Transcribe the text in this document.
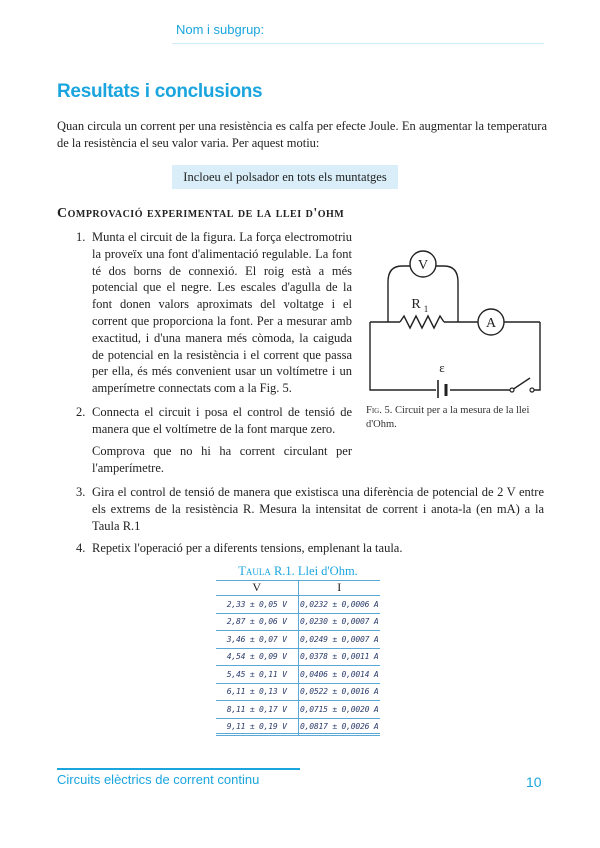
Nom i subgrup:
Resultats i conclusions
Quan circula un corrent per una resistència es calfa per efecte Joule. En augmentar la temperatura de la resistència el seu valor varia. Per aquest motiu:
Incloeu el polsador en tots els muntatges
Comprovació experimental de la llei d'ohm
1. Munta el circuit de la figura. La força electromotriu la proveïx una font d'alimentació regulable. La font té dos borns de connexió. El roig està a més potencial que el negre. Les escales d'agulla de la font donen valors aproximats del voltatge i el corrent que proporciona la font. Per a mesurar amb exactitud, i d'una manera més còmoda, la caiguda de potencial en la resistència i el corrent que passa per ella, és més convenient usar un voltímetre i un amperímetre connectats com a la Fig. 5.
V
A
R 1
ε
Fig. 5. Circuit per a la mesura de la llei d'Ohm.
2. Connecta el circuit i posa el control de tensió de manera que el voltímetre de la font marque zero.
Comprova que no hi ha corrent circulant per l'amperímetre.
3. Gira el control de tensió de manera que existisca una diferència de potencial de 2 V entre els extrems de la resistència R. Mesura la intensitat de corrent i anota-la (en mA) a la Taula R.1
4. Repetix l'operació per a diferents tensions, emplenant la taula.
Taula R.1. Llei d'Ohm.
V	I
2,33 ± 0,05 V	0,0232 ± 0,0006 A
2,87 ± 0,06 V	0,0230 ± 0,0007 A
3,46 ± 0,07 V	0,0249 ± 0,0007 A
4,54 ± 0,09 V	0,0378 ± 0,0011 A
5,45 ± 0,11 V	0,0406 ± 0,0014 A
6,11 ± 0,13 V	0,0522 ± 0,0016 A
8,11 ± 0,17 V	0,0715 ± 0,0020 A
9,11 ± 0,19 V	0,0817 ± 0,0026 A
Circuits elèctrics de corrent continu	10
